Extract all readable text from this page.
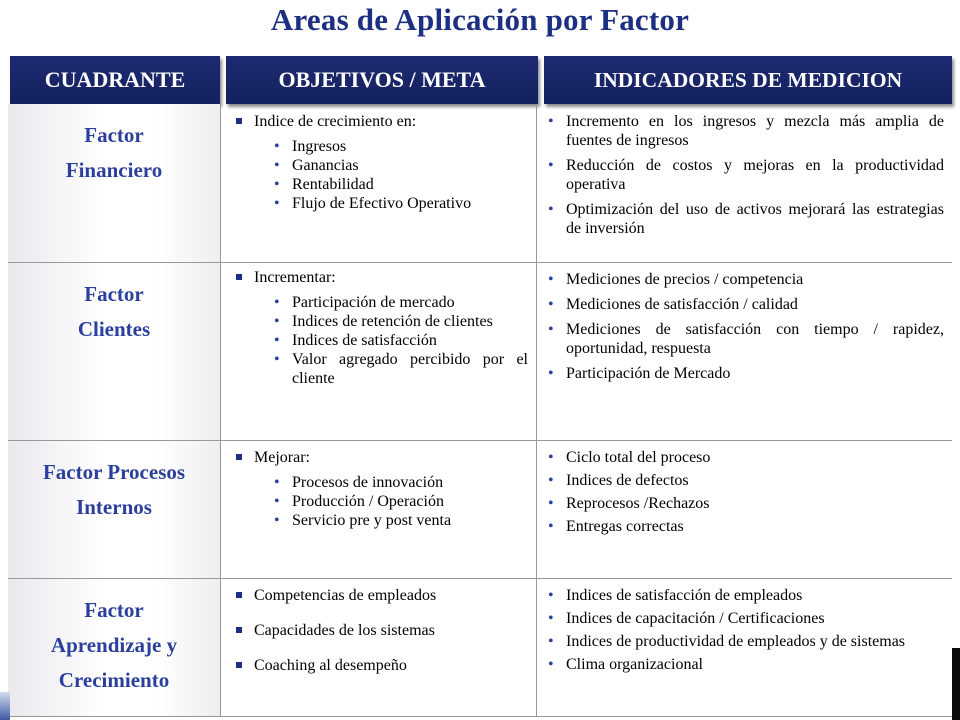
Areas de Aplicación por Factor
CUADRANTE	OBJETIVOS / META	INDICADORES DE MEDICION
Factor
Financiero
Indice de crecimiento en:
• Ingresos
• Ganancias
• Rentabilidad
• Flujo de Efectivo Operativo
• Incremento en los ingresos y mezcla más amplia de fuentes de ingresos
• Reducción de costos y mejoras en la productividad operativa
• Optimización del uso de activos mejorará las estrategias de inversión
Factor
Clientes
Incrementar:
• Participación de mercado
• Indices de retención de clientes
• Indices de satisfacción
• Valor agregado percibido por el cliente
• Mediciones de precios / competencia
• Mediciones de satisfacción / calidad
• Mediciones de satisfacción con tiempo / rapidez, oportunidad, respuesta
• Participación de Mercado
Factor Procesos
Internos
Mejorar:
• Procesos de innovación
• Producción / Operación
• Servicio pre y post venta
• Ciclo total del proceso
• Indices de defectos
• Reprocesos /Rechazos
• Entregas correctas
Factor
Aprendizaje y
Crecimiento
Competencias de empleados
Capacidades de los sistemas
Coaching al desempeño
• Indices de satisfacción de empleados
• Indices de capacitación / Certificaciones
• Indices de productividad de empleados y de sistemas
• Clima organizacional
